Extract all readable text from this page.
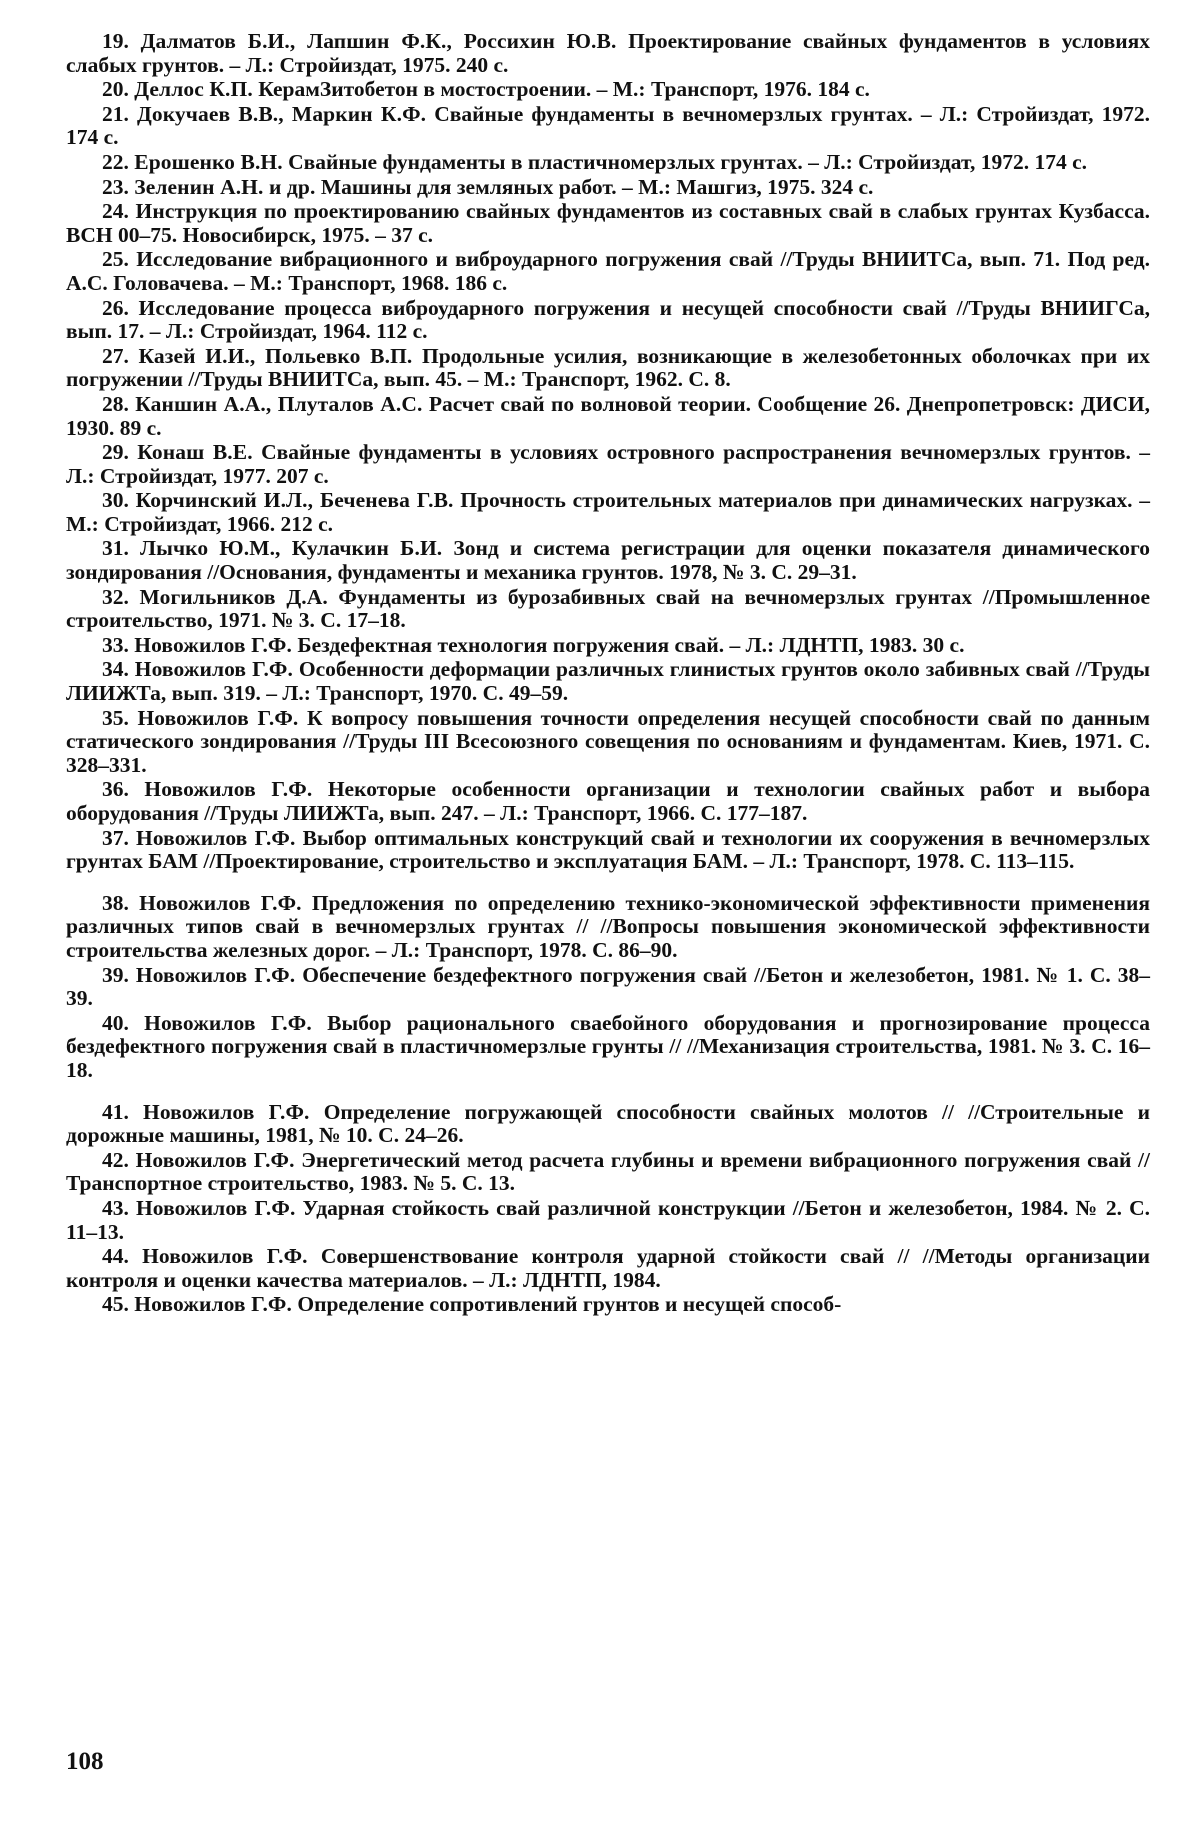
19. Далматов Б.И., Лапшин Ф.К., Россихин Ю.В. Проектирование свайных фундаментов в условиях слабых грунтов. – Л.: Стройиздат, 1975. 240 с.

20. Деллос К.П. КерамЗитобетон в мостостроении. – М.: Транспорт, 1976. 184 с.

21. Докучаев В.В., Маркин К.Ф. Свайные фундаменты в вечномерзлых грунтах. – Л.: Стройиздат, 1972. 174 с.

22. Ерошенко В.Н. Свайные фундаменты в пластичномерзлых грунтах. – Л.: Стройиздат, 1972. 174 с.

23. Зеленин А.Н. и др. Машины для земляных работ. – М.: Машгиз, 1975. 324 с.

24. Инструкция по проектированию свайных фундаментов из составных свай в слабых грунтах Кузбасса. ВСН 00–75. Новосибирск, 1975. – 37 с.

25. Исследование вибрационного и виброударного погружения свай //Труды ВНИИТСа, вып. 71. Под ред. А.С. Головачева. – М.: Транспорт, 1968. 186 с.

26. Исследование процесса виброударного погружения и несущей способности свай //Труды ВНИИГСа, вып. 17. – Л.: Стройиздат, 1964. 112 с.

27. Казей И.И., Польевко В.П. Продольные усилия, возникающие в железобетонных оболочках при их погружении //Труды ВНИИТСа, вып. 45. – М.: Транспорт, 1962. С. 8.

28. Каншин А.А., Плуталов А.С. Расчет свай по волновой теории. Сообщение 26. Днепропетровск: ДИСИ, 1930. 89 с.

29. Конаш В.Е. Свайные фундаменты в условиях островного распространения вечномерзлых грунтов. – Л.: Стройиздат, 1977. 207 с.

30. Корчинский И.Л., Беченева Г.В. Прочность строительных материалов при динамических нагрузках. – М.: Стройиздат, 1966. 212 с.

31. Лычко Ю.М., Кулачкин Б.И. Зонд и система регистрации для оценки показателя динамического зондирования //Основания, фундаменты и механика грунтов. 1978, № 3. С. 29–31.

32. Могильников Д.А. Фундаменты из бурозабивных свай на вечномерзлых грунтах //Промышленное строительство, 1971. № 3. С. 17–18.

33. Новожилов Г.Ф. Бездефектная технология погружения свай. – Л.: ЛДНТП, 1983. 30 с.

34. Новожилов Г.Ф. Особенности деформации различных глинистых грунтов около забивных свай //Труды ЛИИЖТа, вып. 319. – Л.: Транспорт, 1970. С. 49–59.

35. Новожилов Г.Ф. К вопросу повышения точности определения несущей способности свай по данным статического зондирования //Труды III Всесоюзного совещения по основаниям и фундаментам. Киев, 1971. С. 328–331.

36. Новожилов Г.Ф. Некоторые особенности организации и технологии свайных работ и выбора оборудования //Труды ЛИИЖТа, вып. 247. – Л.: Транспорт, 1966. С. 177–187.

37. Новожилов Г.Ф. Выбор оптимальных конструкций свай и технологии их сооружения в вечномерзлых грунтах БАМ //Проектирование, строительство и эксплуатация БАМ. – Л.: Транспорт, 1978. С. 113–115.

38. Новожилов Г.Ф. Предложения по определению технико-экономической эффективности применения различных типов свай в вечномерзлых грунтах // //Вопросы повышения экономической эффективности строительства железных дорог. – Л.: Транспорт, 1978. С. 86–90.

39. Новожилов Г.Ф. Обеспечение бездефектного погружения свай //Бетон и железобетон, 1981. № 1. С. 38–39.

40. Новожилов Г.Ф. Выбор рационального сваебойного оборудования и прогнозирование процесса бездефектного погружения свай в пластичномерзлые грунты // //Механизация строительства, 1981. № 3. С. 16–18.

41. Новожилов Г.Ф. Определение погружающей способности свайных молотов // //Строительные и дорожные машины, 1981, № 10. С. 24–26.

42. Новожилов Г.Ф. Энергетический метод расчета глубины и времени вибрационного погружения свай //Транспортное строительство, 1983. № 5. С. 13.

43. Новожилов Г.Ф. Ударная стойкость свай различной конструкции //Бетон и железобетон, 1984. № 2. С. 11–13.

44. Новожилов Г.Ф. Совершенствование контроля ударной стойкости свай // //Методы организации контроля и оценки качества материалов. – Л.: ЛДНТП, 1984.

45. Новожилов Г.Ф. Определение сопротивлений грунтов и несущей способ-

108
